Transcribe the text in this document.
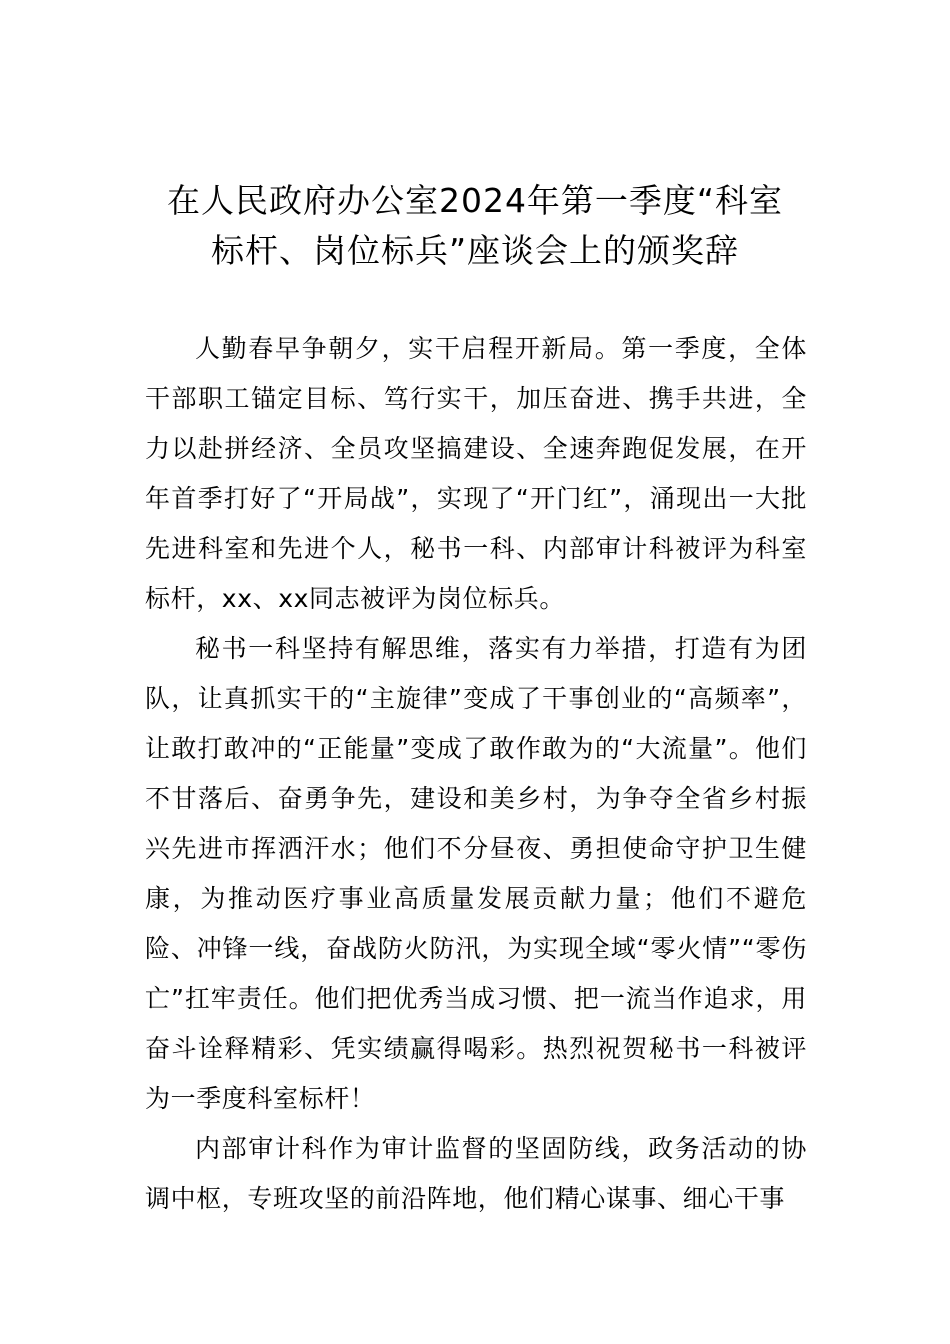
在人民政府办公室2024年第一季度“科室
标杆、岗位标兵”座谈会上的颁奖辞

人勤春早争朝夕，实干启程开新局。第一季度，全体干部职工锚定目标、笃行实干，加压奋进、携手共进，全力以赴拼经济、全员攻坚搞建设、全速奔跑促发展，在开年首季打好了“开局战”，实现了“开门红”，涌现出一大批先进科室和先进个人，秘书一科、内部审计科被评为科室标杆，xx、xx同志被评为岗位标兵。

秘书一科坚持有解思维，落实有力举措，打造有为团队，让真抓实干的“主旋律”变成了干事创业的“高频率”，让敢打敢冲的“正能量”变成了敢作敢为的“大流量”。他们不甘落后、奋勇争先，建设和美乡村，为争夺全省乡村振兴先进市挥洒汗水；他们不分昼夜、勇担使命守护卫生健康，为推动医疗事业高质量发展贡献力量；他们不避危险、冲锋一线，奋战防火防汛，为实现全域“零火情”“零伤亡”扛牢责任。他们把优秀当成习惯、把一流当作追求，用奋斗诠释精彩、凭实绩赢得喝彩。热烈祝贺秘书一科被评为一季度科室标杆！

内部审计科作为审计监督的坚固防线，政务活动的协调中枢，专班攻坚的前沿阵地，他们精心谋事、细心干事
